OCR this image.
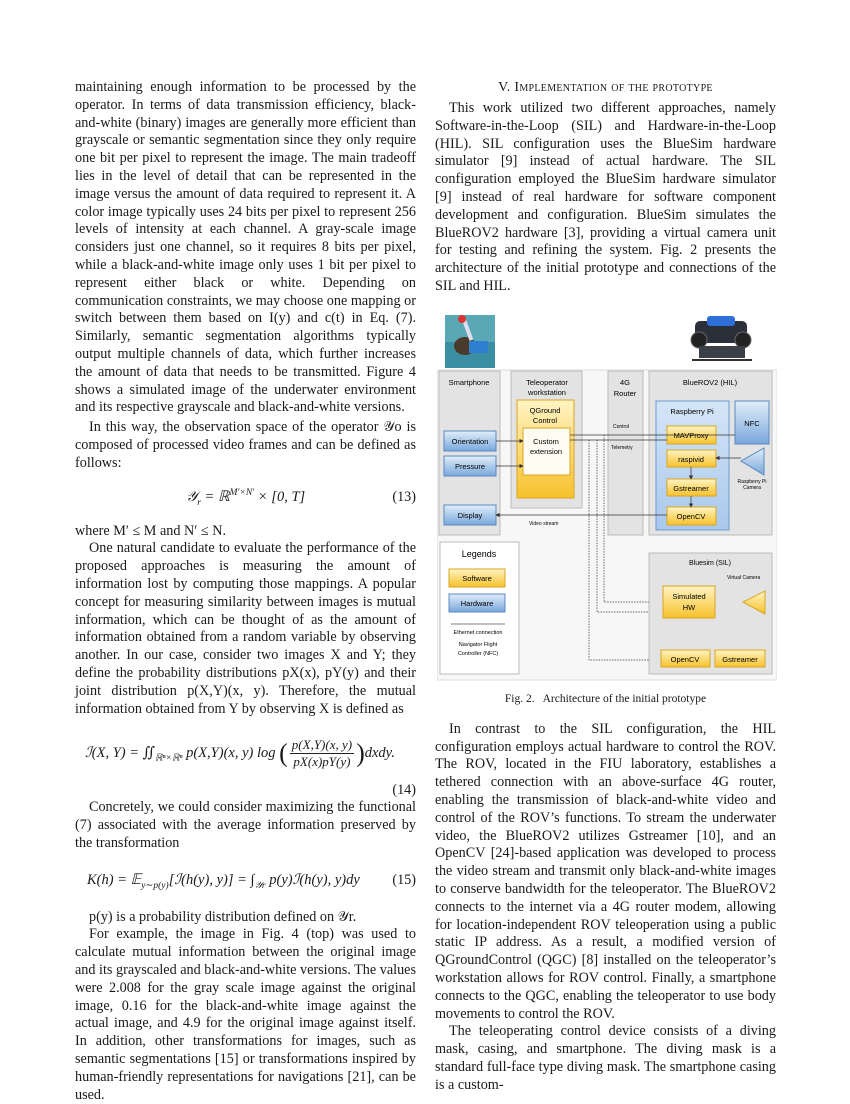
maintaining enough information to be processed by the operator. In terms of data transmission efficiency, black-and-white (binary) images are generally more efficient than grayscale or semantic segmentation since they only require one bit per pixel to represent the image. The main tradeoff lies in the level of detail that can be represented in the image versus the amount of data required to represent it. A color image typically uses 24 bits per pixel to represent 256 levels of intensity at each channel. A gray-scale image considers just one channel, so it requires 8 bits per pixel, while a black-and-white image only uses 1 bit per pixel to represent either black or white. Depending on communication constraints, we may choose one mapping or switch between them based on I(y) and c(t) in Eq. (7). Similarly, semantic segmentation algorithms typically output multiple channels of data, which further increases the amount of data that needs to be transmitted. Figure 4 shows a simulated image of the underwater environment and its respective grayscale and black-and-white versions.

In this way, the observation space of the operator 𝒴o is composed of processed video frames and can be defined as follows:

𝒴$_r$ = ℝ$^{M'\times N'}$ × [0, T]	(13)

where M′ ≤ M and N′ ≤ N.

One natural candidate to evaluate the performance of the proposed approaches is measuring the amount of information lost by computing those mappings. A popular concept for measuring similarity between images is mutual information, which can be thought of as the amount of information obtained from a random variable by observing another. In our case, consider two images X and Y; they define the probability distributions pX(x), pY(y) and their joint distribution p(X,Y)(x, y). Therefore, the mutual information obtained from Y by observing X is defined as

ℐ(X, $Y) = ∬_{ℝ^n\times ℝ^n}$ p(X,Y)(x, y) log ( $\frac{p(X,Y)(x, y)}{pX(x)pY(y)}$ )dxdy.
(14)

Concretely, we could consider maximizing the functional (7) associated with the average information preserved by the transformation

K(h) = 𝔼$_{y\sim p(y)}$[ℐ(h(y), $y)] = \int_{𝒴r}$ p(y)ℐ(h(y), y)dy (15)

p(y) is a probability distribution defined on 𝒴r.

For example, the image in Fig. 4 (top) was used to calculate mutual information between the original image and its grayscaled and black-and-white versions. The values were 2.008 for the gray scale image against the original image, 0.16 for the black-and-white image against the actual image, and 4.9 for the original image against itself. In addition, other transformations for images, such as semantic segmentations [15] or transformations inspired by human-friendly representations for navigations [21], can be used.

V. Implementation of the prototype

This work utilized two different approaches, namely Software-in-the-Loop (SIL) and Hardware-in-the-Loop (HIL). SIL configuration uses the BlueSim hardware simulator [9] instead of actual hardware. The SIL configuration employed the BlueSim hardware simulator [9] instead of real hardware for software component development and configuration. BlueSim simulates the BlueROV2 hardware [3], providing a virtual camera unit for testing and refining the system. Fig. 2 presents the architecture of the initial prototype and connections of the SIL and HIL.

Smartphone	Teleoperator
workstation
QGround
Control
Custom
extension
Orientation
Pressure
Display
4G
Router
Control
Telemetry
BlueROV2 (HIL)
Raspberry Pi
NFC
MAVProxy
raspivid
Gstreamer
OpenCV
Raspberry Pi
Camera
Video stream
Legends
Software
Hardware
Ethernet connection
Navigator Flight
Controller (NFC)
Bluesim (SIL)
Virtual Camera
Simulated
HW
OpenCV	Gstreamer
Fig. 2.   Architecture of the initial prototype

In contrast to the SIL configuration, the HIL configuration employs actual hardware to control the ROV. The ROV, located in the FIU laboratory, establishes a tethered connection with an above-surface 4G router, enabling the transmission of black-and-white video and control of the ROV’s functions. To stream the underwater video, the BlueROV2 utilizes Gstreamer [10], and an OpenCV [24]-based application was developed to process the video stream and transmit only black-and-white images to conserve bandwidth for the teleoperator. The BlueROV2 connects to the internet via a 4G router modem, allowing for location-independent ROV teleoperation using a public static IP address. As a result, a modified version of QGroundControl (QGC) [8] installed on the teleoperator’s workstation allows for ROV control. Finally, a smartphone connects to the QGC, enabling the teleoperator to use body movements to control the ROV.

The teleoperating control device consists of a diving mask, casing, and smartphone. The diving mask is a standard full-face type diving mask. The smartphone casing is a custom-
